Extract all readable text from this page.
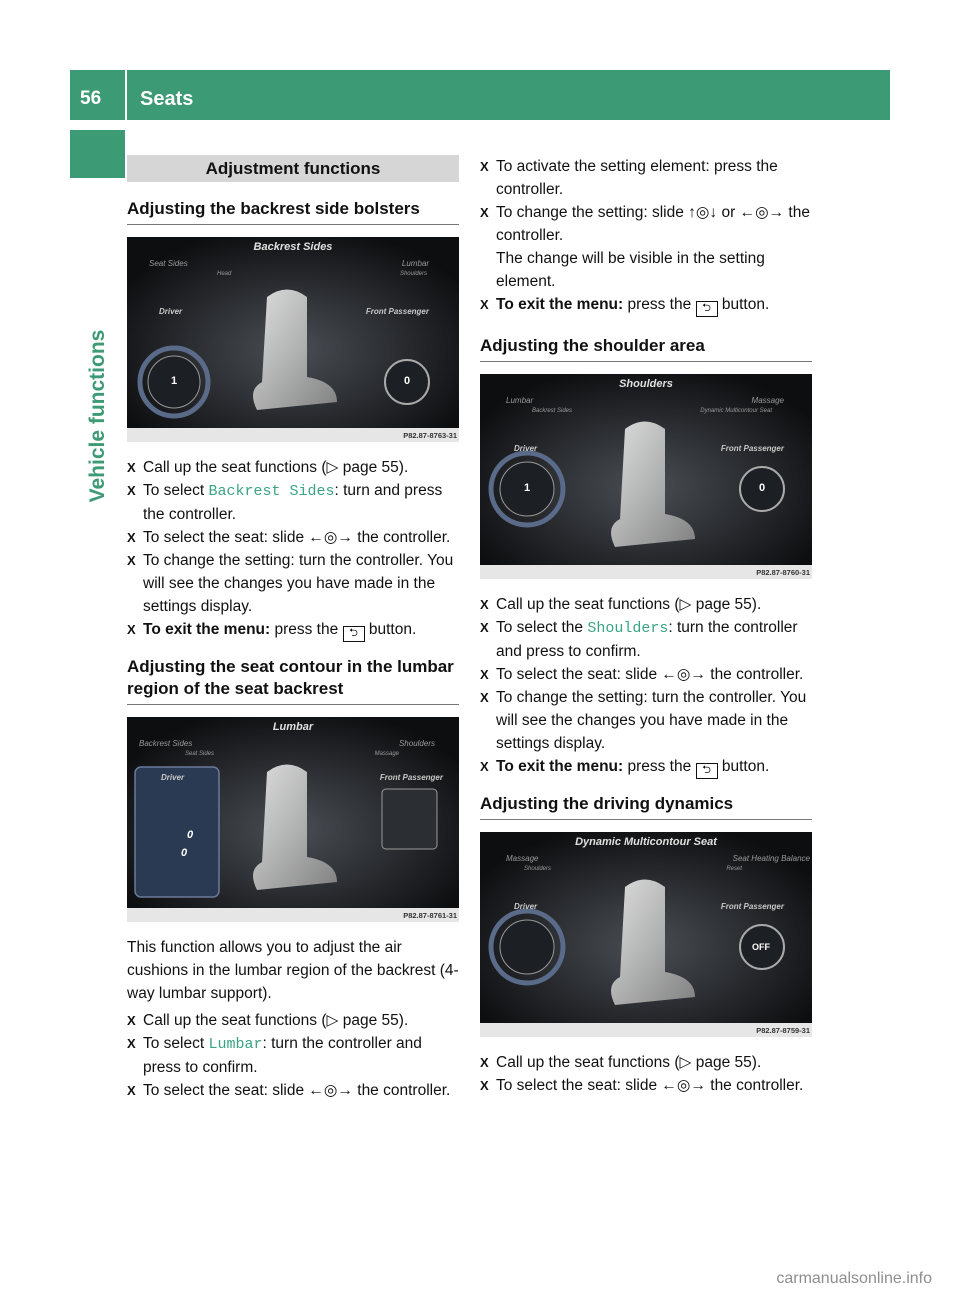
56 Seats
Vehicle functions
Adjustment functions
Adjusting the backrest side bolsters
Backrest Sides
Seat Sides
Head
Lumbar
Shoulders
Driver	Front Passenger
1	0
P82.87-8763-31
X Call up the seat functions (▷ page 55).
X To select Backrest Sides: turn and press the controller.
X To select the seat: slide ←◎→ the controller.
X To change the setting: turn the controller. You will see the changes you have made in the settings display.
X To exit the menu: press the ⮌ button.
Adjusting the seat contour in the lumbar region of the seat backrest
Lumbar
Backrest Sides
Seat Sides
Shoulders
Massage
Driver	Front Passenger
0
0
P82.87-8761-31
This function allows you to adjust the air cushions in the lumbar region of the backrest (4-way lumbar support).
X Call up the seat functions (▷ page 55).
X To select Lumbar: turn the controller and press to confirm.
X To select the seat: slide ←◎→ the controller.
X To activate the setting element: press the controller.
X To change the setting: slide ↑◎↓ or ←◎→ the controller.
The change will be visible in the setting element.
X To exit the menu: press the ⮌ button.
Adjusting the shoulder area
Shoulders
Lumbar
Backrest Sides
Massage
Dynamic Multicontour Seat
Driver	Front Passenger
1	0
P82.87-8760-31
X Call up the seat functions (▷ page 55).
X To select the Shoulders: turn the controller and press to confirm.
X To select the seat: slide ←◎→ the controller.
X To change the setting: turn the controller. You will see the changes you have made in the settings display.
X To exit the menu: press the ⮌ button.
Adjusting the driving dynamics
Dynamic Multicontour Seat
Massage
Shoulders
Seat Heating Balance
Reset
Driver	Front Passenger
OFF
P82.87-8759-31
X Call up the seat functions (▷ page 55).
X To select the seat: slide ←◎→ the controller.
carmanualsonline.info
